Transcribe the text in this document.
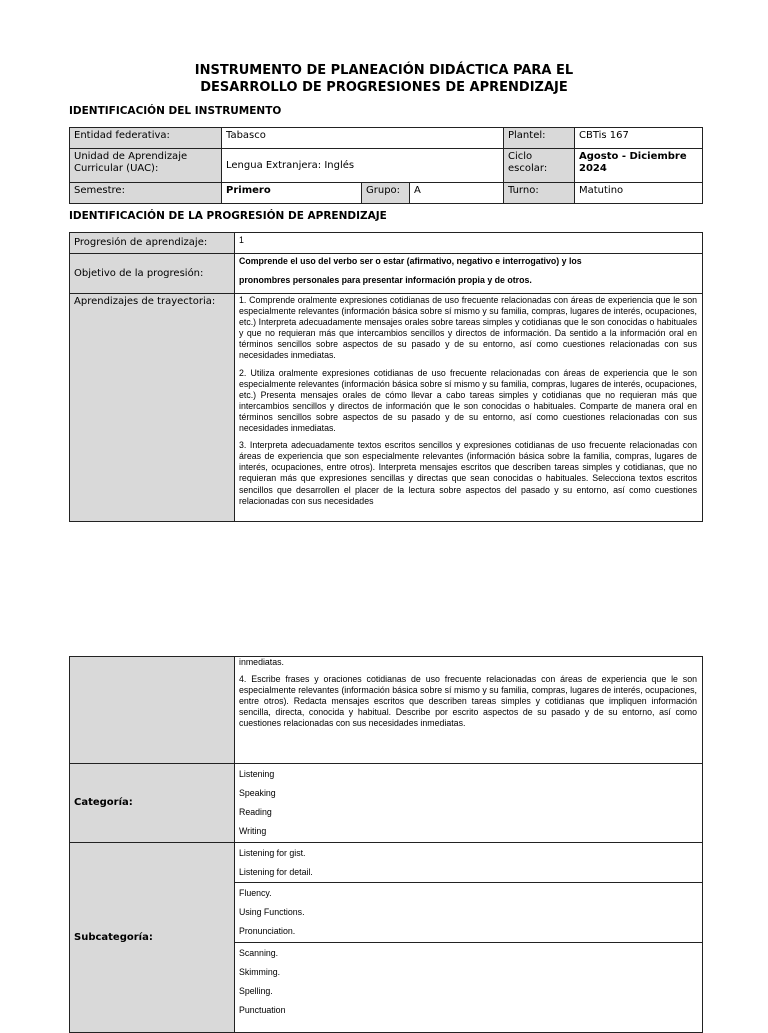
INSTRUMENTO DE PLANEACIÓN DIDÁCTICA PARA EL
DESARROLLO DE PROGRESIONES DE APRENDIZAJE
IDENTIFICACIÓN DEL INSTRUMENTO
Entidad federativa:	Tabasco			Plantel:	CBTis 167
Unidad de Aprendizaje Curricular (UAC):	Lengua Extranjera: Inglés			Ciclo escolar:	Agosto - Diciembre 2024
Semestre:	Primero	Grupo:	A	Turno:	Matutino
IDENTIFICACIÓN DE LA PROGRESIÓN DE APRENDIZAJE
Progresión de aprendizaje:	1
Objetivo de la progresión:	Comprende el uso del verbo ser o estar (afirmativo, negativo e interrogativo) y los
pronombres personales para presentar información propia y de otros.

Aprendizajes de trayectoria:	1. Comprende oralmente expresiones cotidianas de uso frecuente relacionadas con áreas de experiencia que le son especialmente relevantes (información básica sobre sí mismo y su familia, compras, lugares de interés, ocupaciones, etc.) Interpreta adecuadamente mensajes orales sobre tareas simples y cotidianas que le son conocidas o habituales y que no requieran más que intercambios sencillos y directos de información. Da sentido a la información oral en términos sencillos sobre aspectos de su pasado y de su entorno, así como cuestiones relacionadas con sus necesidades inmediatas.

2. Utiliza oralmente expresiones cotidianas de uso frecuente relacionadas con áreas de experiencia que le son especialmente relevantes (información básica sobre sí mismo y su familia, compras, lugares de interés, ocupaciones, etc.) Presenta mensajes orales de cómo llevar a cabo tareas simples y cotidianas que no requieran más que intercambios sencillos y directos de información que le son conocidas o habituales. Comparte de manera oral en términos sencillos sobre aspectos de su pasado y de su entorno, así como cuestiones relacionadas con sus necesidades inmediatas.

3. Interpreta adecuadamente textos escritos sencillos y expresiones cotidianas de uso frecuente relacionadas con áreas de experiencia que son especialmente relevantes (información básica sobre la familia, compras, lugares de interés, ocupaciones, entre otros). Interpreta mensajes escritos que describen tareas simples y cotidianas, que no requieran más que expresiones sencillas y directas que sean conocidas o habituales. Selecciona textos escritos sencillos que desarrollen el placer de la lectura sobre aspectos del pasado y su entorno, así como cuestiones relacionadas con sus necesidades

	inmediatas.

4. Escribe frases y oraciones cotidianas de uso frecuente relacionadas con áreas de experiencia que le son especialmente relevantes (información básica sobre sí mismo y su familia, compras, lugares de interés, ocupaciones, entre otros). Redacta mensajes escritos que describen tareas simples y cotidianas que impliquen información sencilla, directa, conocida y habitual. Describe por escrito aspectos de su pasado y de su entorno, así como cuestiones relacionadas con sus necesidades inmediatas.

Categoría:	Listening
Speaking
Reading
Writing

Subcategoría:	Listening for gist.
Listening for detail.

	Fluency.
Using Functions.
Pronunciation.

	Scanning.
Skimming.
Spelling.
Punctuation
